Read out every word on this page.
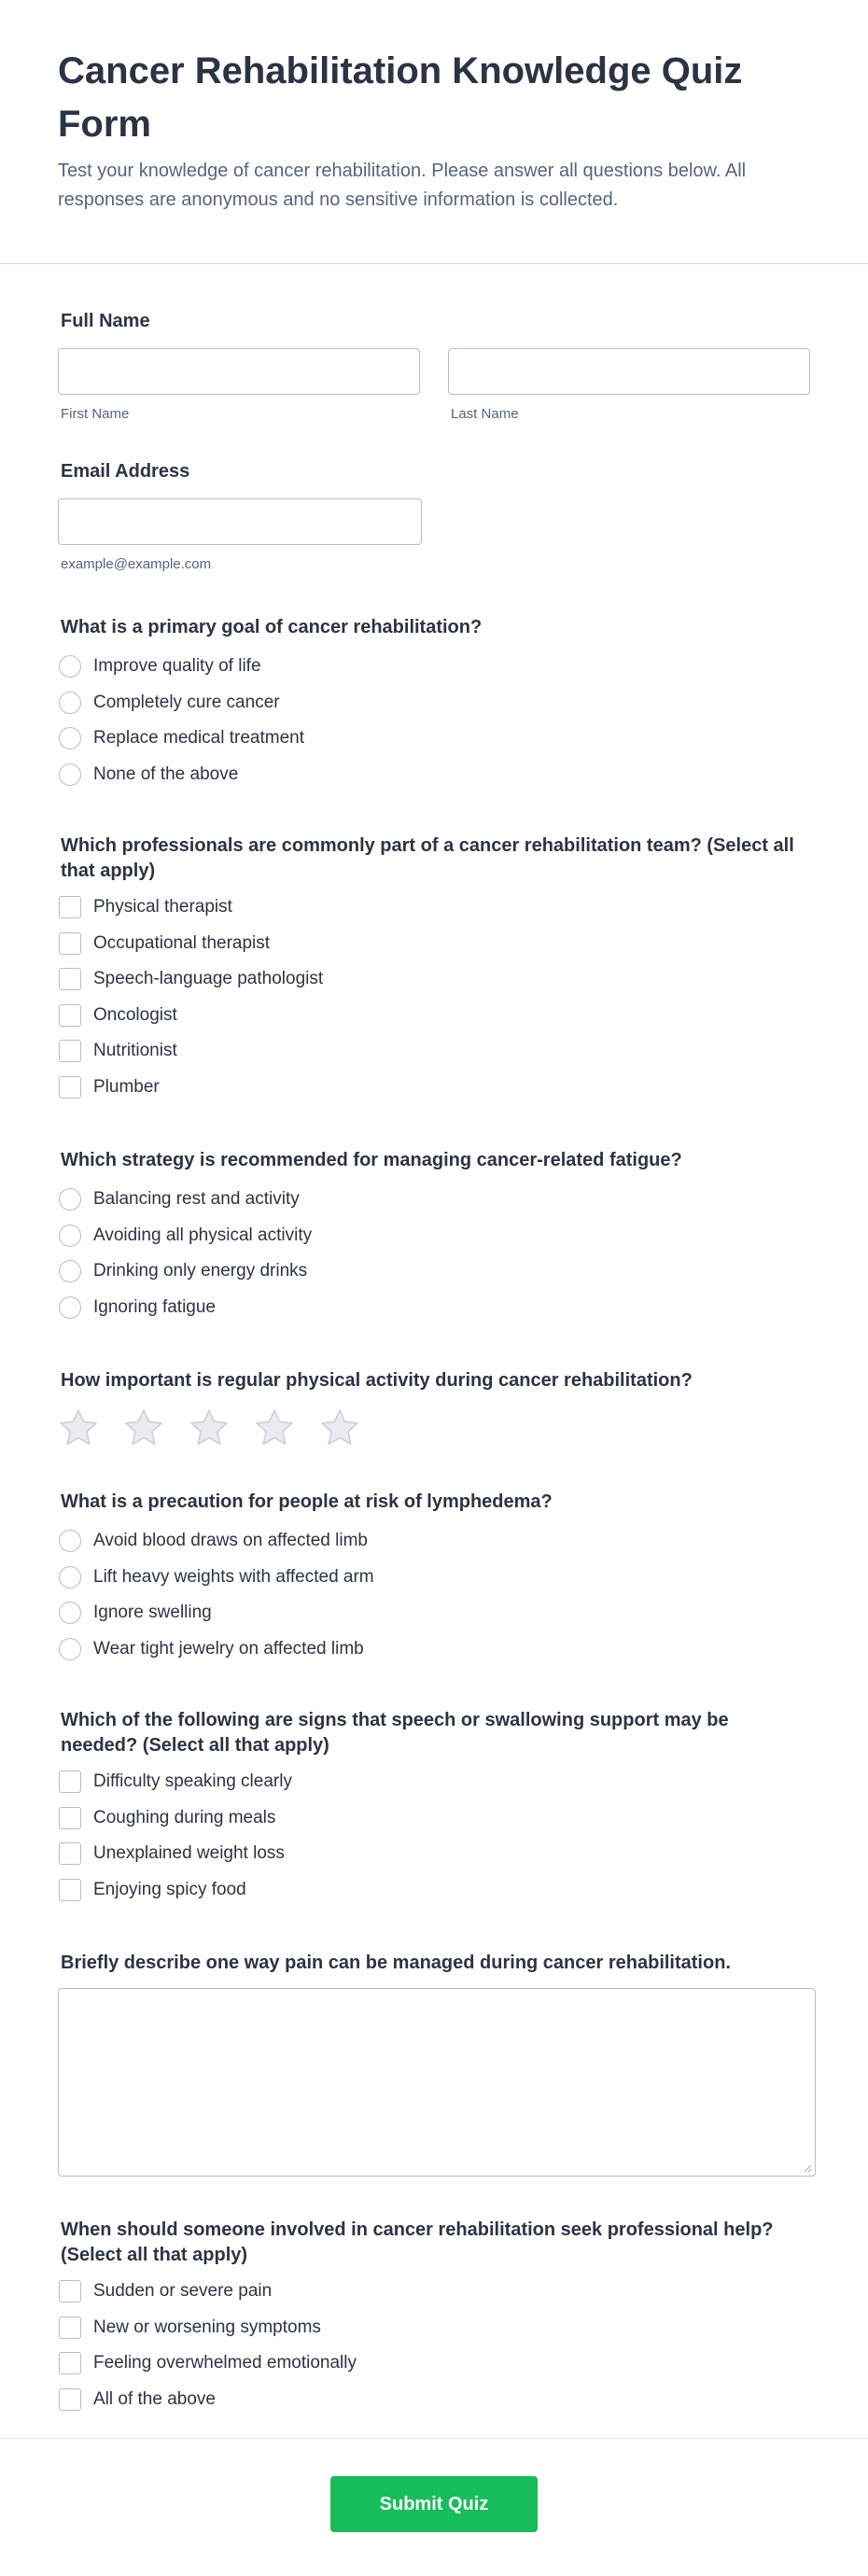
Cancer Rehabilitation Knowledge Quiz Form

Test your knowledge of cancer rehabilitation. Please answer all questions below. All responses are anonymous and no sensitive information is collected.

Full Name
First Name	Last Name
Email Address
example@example.com
What is a primary goal of cancer rehabilitation?
Improve quality of life
Completely cure cancer
Replace medical treatment
None of the above
Which professionals are commonly part of a cancer rehabilitation team? (Select all that apply)
Physical therapist
Occupational therapist
Speech-language pathologist
Oncologist
Nutritionist
Plumber
Which strategy is recommended for managing cancer-related fatigue?
Balancing rest and activity
Avoiding all physical activity
Drinking only energy drinks
Ignoring fatigue
How important is regular physical activity during cancer rehabilitation?
What is a precaution for people at risk of lymphedema?
Avoid blood draws on affected limb
Lift heavy weights with affected arm
Ignore swelling
Wear tight jewelry on affected limb
Which of the following are signs that speech or swallowing support may be needed? (Select all that apply)
Difficulty speaking clearly
Coughing during meals
Unexplained weight loss
Enjoying spicy food
Briefly describe one way pain can be managed during cancer rehabilitation.
When should someone involved in cancer rehabilitation seek professional help? (Select all that apply)
Sudden or severe pain
New or worsening symptoms
Feeling overwhelmed emotionally
All of the above
Submit Quiz
